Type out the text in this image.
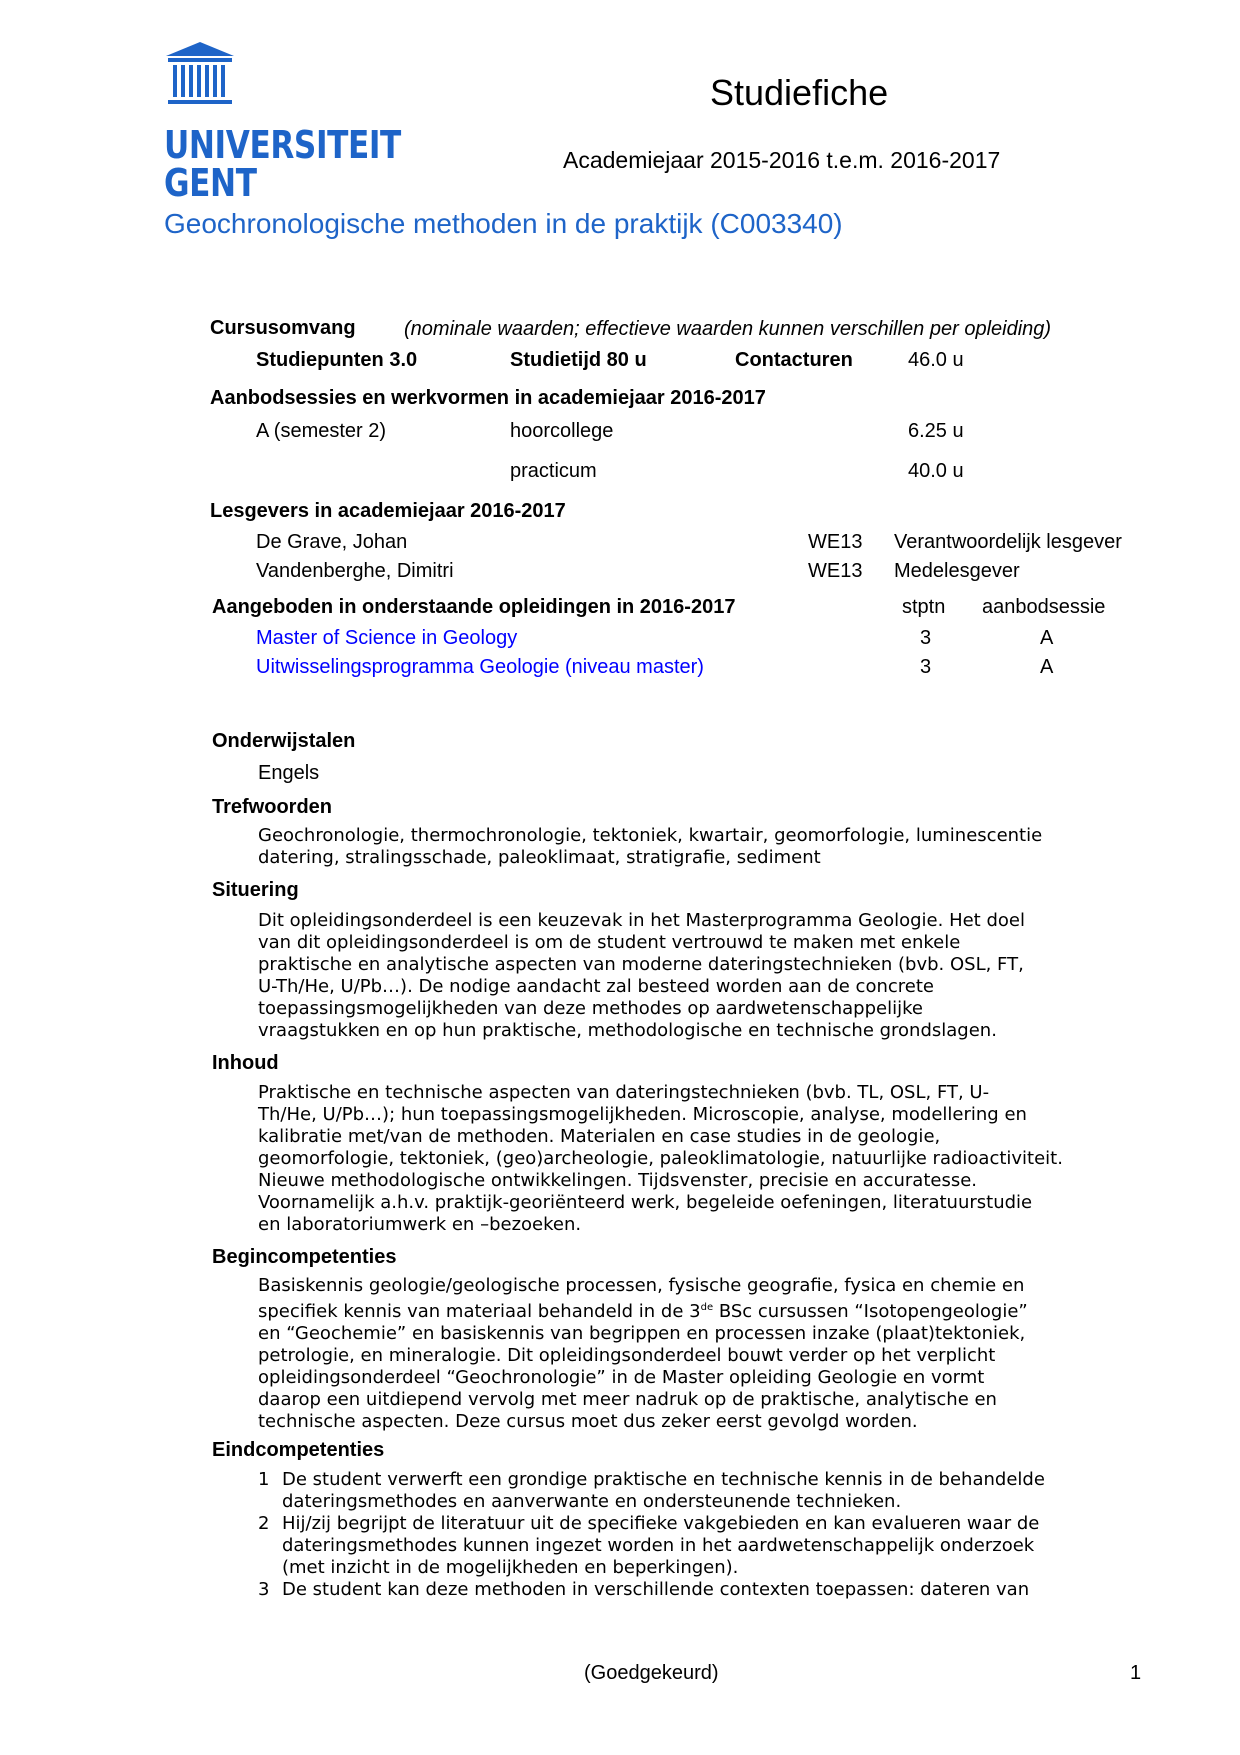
UNIVERSITEIT
GENT
Studiefiche
Academiejaar 2015-2016 t.e.m. 2016-2017
Geochronologische methoden in de praktijk (C003340)
Cursusomvang (nominale waarden; effectieve waarden kunnen verschillen per opleiding)
Studiepunten 3.0	Studietijd 80 u	Contacturen	46.0 u
Aanbodsessies en werkvormen in academiejaar 2016-2017
A (semester 2)	hoorcollege	6.25 u
practicum	40.0 u
Lesgevers in academiejaar 2016-2017
De Grave, Johan	WE13 Verantwoordelijk lesgever
Vandenberghe, Dimitri	WE13 Medelesgever
Aangeboden in onderstaande opleidingen in 2016-2017	stptn aanbodsessie
Master of Science in Geology	3	A
Uitwisselingsprogramma Geologie (niveau master)	3	A
Onderwijstalen
Engels
Trefwoorden
Geochronologie, thermochronologie, tektoniek, kwartair, geomorfologie, luminescentie
datering, stralingsschade, paleoklimaat, stratigrafie, sediment
Situering
Dit opleidingsonderdeel is een keuzevak in het Masterprogramma Geologie. Het doel
van dit opleidingsonderdeel is om de student vertrouwd te maken met enkele
praktische en analytische aspecten van moderne dateringstechnieken (bvb. OSL, FT,
U-Th/He, U/Pb…). De nodige aandacht zal besteed worden aan de concrete
toepassingsmogelijkheden van deze methodes op aardwetenschappelijke
vraagstukken en op hun praktische, methodologische en technische grondslagen.
Inhoud
Praktische en technische aspecten van dateringstechnieken (bvb. TL, OSL, FT, U-
Th/He, U/Pb…); hun toepassingsmogelijkheden. Microscopie, analyse, modellering en
kalibratie met/van de methoden. Materialen en case studies in de geologie,
geomorfologie, tektoniek, (geo)archeologie, paleoklimatologie, natuurlijke radioactiviteit.
Nieuwe methodologische ontwikkelingen. Tijdsvenster, precisie en accuratesse.
Voornamelijk a.h.v. praktijk-georiënteerd werk, begeleide oefeningen, literatuurstudie
en laboratoriumwerk en –bezoeken.
Begincompetenties
Basiskennis geologie/geologische processen, fysische geografie, fysica en chemie en
specifiek kennis van materiaal behandeld in de 3de BSc cursussen “Isotopengeologie”
en “Geochemie” en basiskennis van begrippen en processen inzake (plaat)tektoniek,
petrologie, en mineralogie. Dit opleidingsonderdeel bouwt verder op het verplicht
opleidingsonderdeel “Geochronologie” in de Master opleiding Geologie en vormt
daarop een uitdiepend vervolg met meer nadruk op de praktische, analytische en
technische aspecten. Deze cursus moet dus zeker eerst gevolgd worden.
Eindcompetenties
1 De student verwerft een grondige praktische en technische kennis in de behandelde
dateringsmethodes en aanverwante en ondersteunende technieken.
2 Hij/zij begrijpt de literatuur uit de specifieke vakgebieden en kan evalueren waar de
dateringsmethodes kunnen ingezet worden in het aardwetenschappelijk onderzoek
(met inzicht in de mogelijkheden en beperkingen).
3 De student kan deze methoden in verschillende contexten toepassen: dateren van
(Goedgekeurd)	1
